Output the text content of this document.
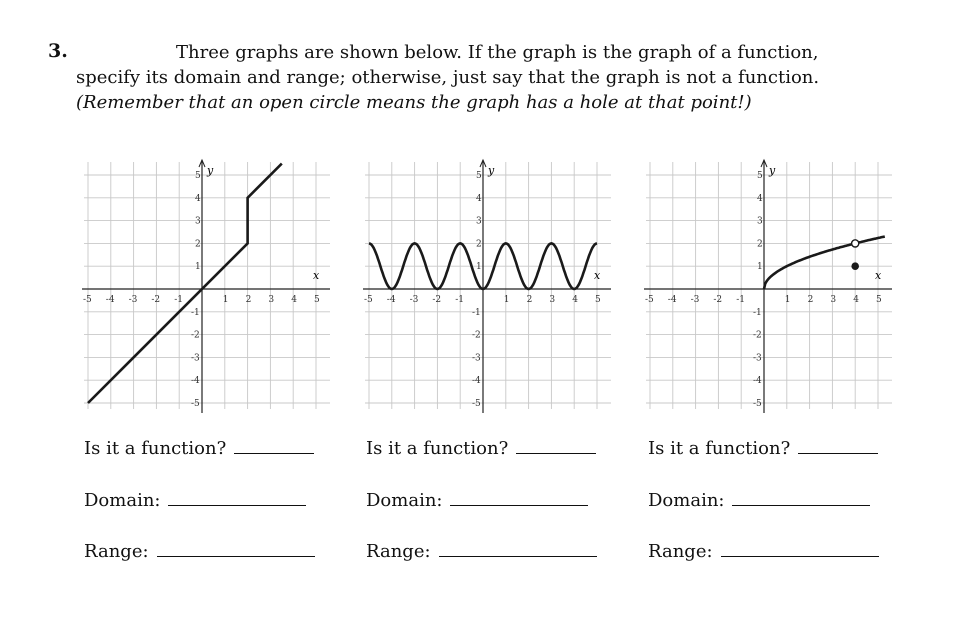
3.	Three graphs are shown below. If the graph is the graph of a function, specify its domain and range; otherwise, just say that the graph is not a function. (Remember that an open circle means the graph has a hole at that point!)
x
y
-5 -4 -3 -2 -1	1 2 3 4 5
5
4
3
2
1
-1
-2
-3
-4
-5
x
y
-5 -4 -3 -2 -1	1 2 3 4 5
5
4
3
2
1
-1
-2
-3
-4
-5
x
y
-5 -4 -3 -2 -1	1 2 3 4 5
5
4
3
2
1
-1
-2
-3
-4
-5
Is it a function?
Domain:
Range:
Is it a function?
Domain:
Range:
Is it a function?
Domain:
Range:
